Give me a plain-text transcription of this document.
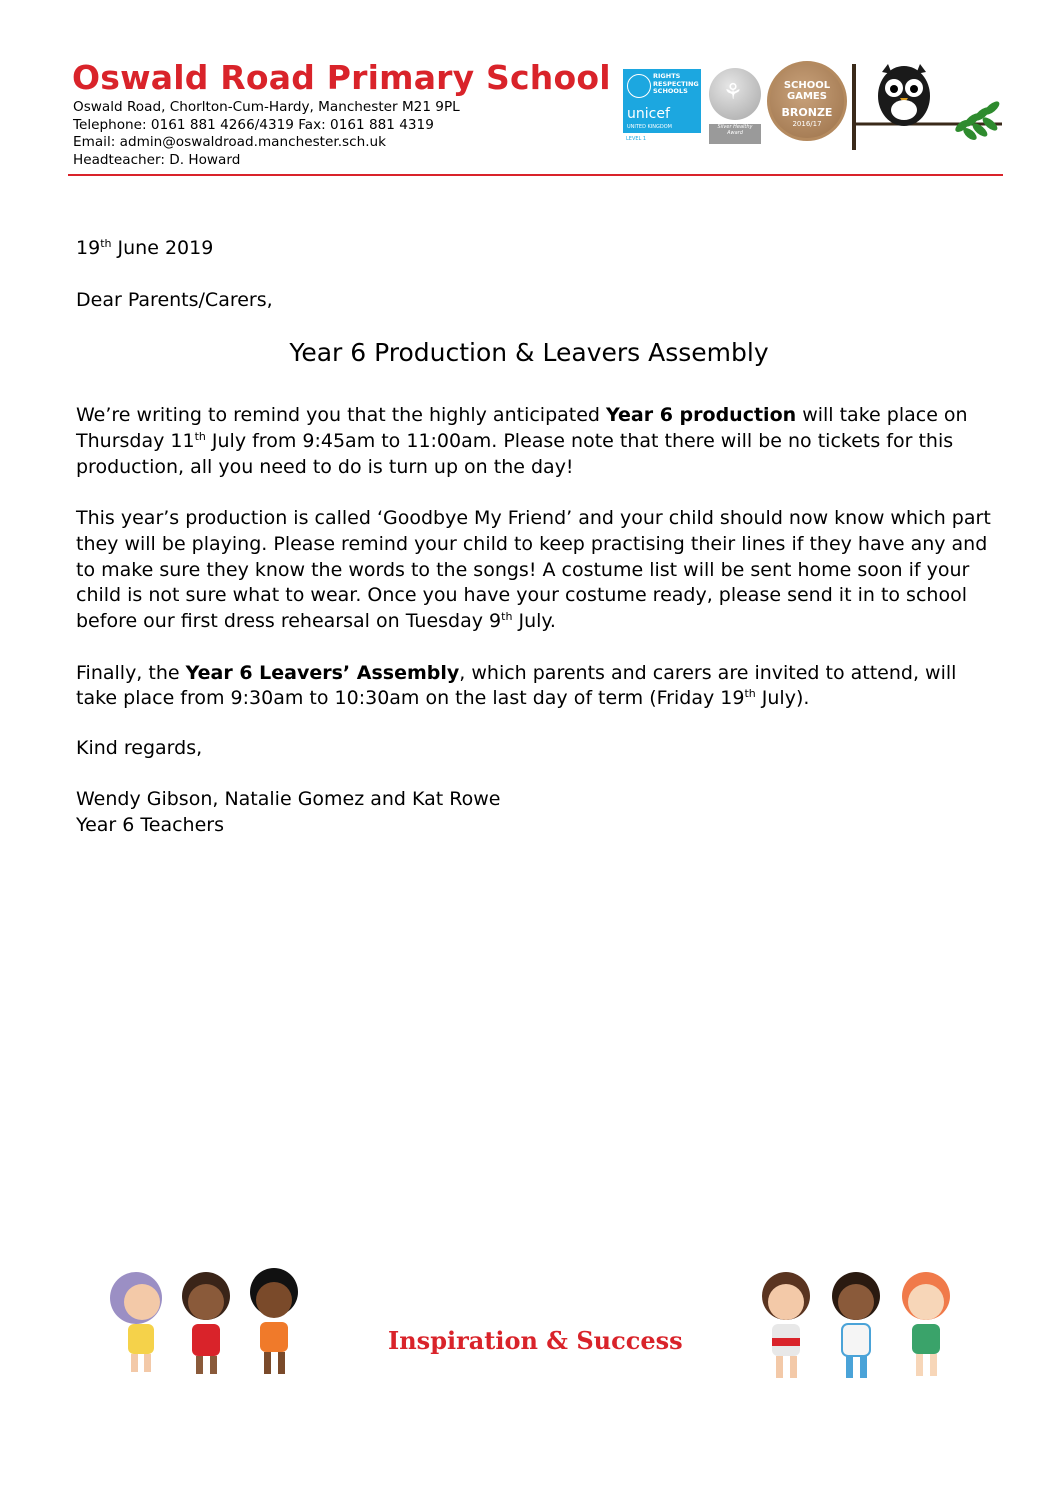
Oswald Road Primary School
Oswald Road, Chorlton-Cum-Hardy, Manchester M21 9PL
Telephone: 0161 881 4266/4319 Fax: 0161 881 4319
Email: admin@oswaldroad.manchester.sch.uk
Headteacher: D. Howard
RIGHTS
RESPECTING
SCHOOLS
unicef
UNITED KINGDOM
LEVEL 1
⚘
Silver Healthy Award
SCHOOL
GAMES
BRONZE
2016/17
19th June 2019
Dear Parents/Carers,
Year 6 Production & Leavers Assembly
We’re writing to remind you that the highly anticipated Year 6 production will take place on
Thursday 11th July from 9:45am to 11:00am. Please note that there will be no tickets for this
production, all you need to do is turn up on the day!
This year’s production is called ‘Goodbye My Friend’ and your child should now know which part
they will be playing. Please remind your child to keep practising their lines if they have any and
to make sure they know the words to the songs! A costume list will be sent home soon if your
child is not sure what to wear. Once you have your costume ready, please send it in to school
before our first dress rehearsal on Tuesday 9th July.
Finally, the Year 6 Leavers’ Assembly, which parents and carers are invited to attend, will
take place from 9:30am to 10:30am on the last day of term (Friday 19th July).
Kind regards,
Wendy Gibson, Natalie Gomez and Kat Rowe
Year 6 Teachers
Inspiration & Success
